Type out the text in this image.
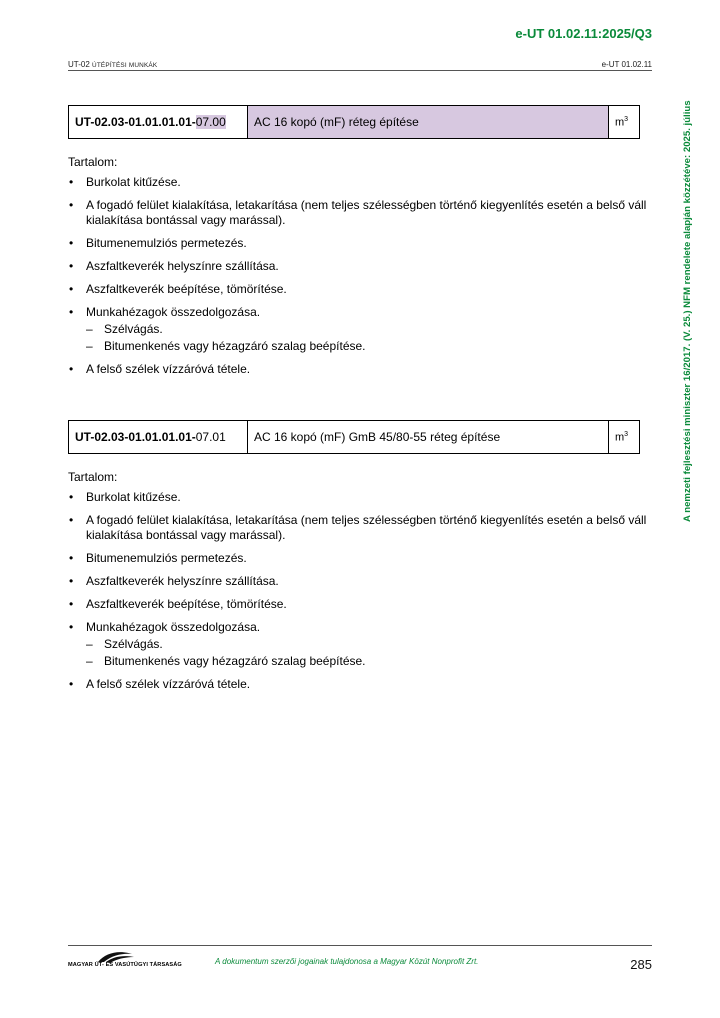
e-UT 01.02.11:2025/Q3
UT-02 ÚTÉPÍTÉSI MUNKÁK	e-UT 01.02.11
A nemzeti fejlesztési miniszter 16/2017. (V. 25.) NFM rendelete alapján közzétéve: 2025. július
UT-02.03-01.01.01.01-07.00	AC 16 kopó (mF) réteg építése	$m^3$
Tartalom:
• Burkolat kitűzése.
• A fogadó felület kialakítása, letakarítása (nem teljes szélességben történő kiegyenlítés esetén a belső váll kialakítása bontással vagy marással).
• Bitumenemulziós permetezés.
• Aszfaltkeverék helyszínre szállítása.
• Aszfaltkeverék beépítése, tömörítése.
• Munkahézagok összedolgozása.
– Szélvágás.
– Bitumenkenés vagy hézagzáró szalag beépítése.
• A felső szélek vízzáróvá tétele.
UT-02.03-01.01.01.01-07.01	AC 16 kopó (mF) GmB 45/80-55 réteg építése	$m^3$
Tartalom:
• Burkolat kitűzése.
• A fogadó felület kialakítása, letakarítása (nem teljes szélességben történő kiegyenlítés esetén a belső váll kialakítása bontással vagy marással).
• Bitumenemulziós permetezés.
• Aszfaltkeverék helyszínre szállítása.
• Aszfaltkeverék beépítése, tömörítése.
• Munkahézagok összedolgozása.
– Szélvágás.
– Bitumenkenés vagy hézagzáró szalag beépítése.
• A felső szélek vízzáróvá tétele.
MAGYAR ÚT- ÉS VASÚTÜGYI TÁRSASÁG	A dokumentum szerzői jogainak tulajdonosa a Magyar Közút Nonprofit Zrt.	285
